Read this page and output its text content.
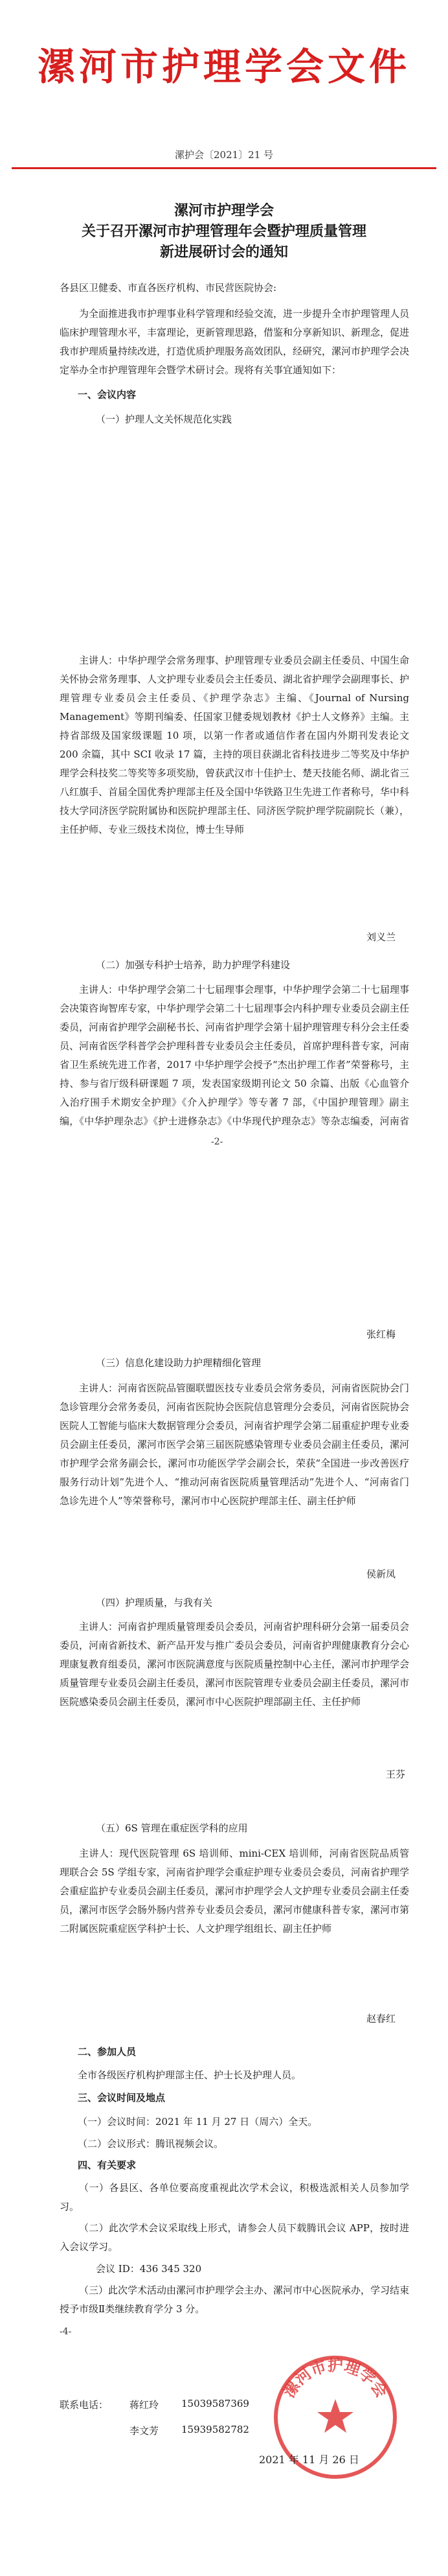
漯河市护理学会文件
漯护会〔2021〕21 号
漯河市护理学会
关于召开漯河市护理管理年会暨护理质量管理
新进展研讨会的通知
各县区卫健委、市直各医疗机构、市民营医院协会:
为全面推进我市护理事业科学管理和经验交流，进一步提升全市护理管理人员临床护理管理水平，丰富理论，更新管理思路，借鉴和分享新知识、新理念，促进我市护理质量持续改进，打造优质护理服务高效团队，经研究，漯河市护理学会决定举办全市护理管理年会暨学术研讨会。现将有关事宜通知如下：
一、会议内容
（一）护理人文关怀规范化实践
主讲人：中华护理学会常务理事、护理管理专业委员会副主任委员、中国生命关怀协会常务理事、人文护理专业委员会主任委员、湖北省护理学会副理事长、护理管理专业委员会主任委员、《护理学杂志》主编、《Journal of Nursing Management》等期刊编委、任国家卫健委规划教材《护士人文修养》主编。主持省部级及国家级课题 10 项，以第一作者或通信作者在国内外期刊发表论文 200 余篇，其中 SCI 收录 17 篇，主持的项目获湖北省科技进步二等奖及中华护理学会科技奖二等奖等多项奖励，曾获武汉市十佳护士、楚天技能名师、湖北省三八红旗手、首届全国优秀护理部主任及全国中华铁路卫生先进工作者称号，华中科技大学同济医学院附属协和医院护理部主任、同济医学院护理学院副院长（兼），主任护师、专业三级技术岗位，博士生导师
刘义兰
（二）加强专科护士培养，助力护理学科建设
主讲人：中华护理学会第二十七届理事会理事，中华护理学会第二十七届理事会决策咨询智库专家，中华护理学会第二十七届理事会内科护理专业委员会副主任委员，河南省护理学会副秘书长、河南省护理学会第十届护理管理专科分会主任委员、河南省医学科普学会护理科普专业委员会主任委员，首席护理科普专家，河南省卫生系统先进工作者，2017 中华护理学会授予“杰出护理工作者”荣誉称号，主持、参与省厅级科研课题 7 项，发表国家级期刊论文 50 余篇、出版《心血管介入治疗围手术期安全护理》《介入护理学》等专著 7 部，《中国护理管理》副主编，《中华护理杂志》《护士进修杂志》《中华现代护理杂志》等杂志编委，河南省
-2-
张红梅
（三）信息化建设助力护理精细化管理
主讲人：河南省医院品管圈联盟医技专业委员会常务委员，河南省医院协会门急诊管理分会常务委员，河南省医院协会医院信息管理分会委员，河南省医院协会医院人工智能与临床大数据管理分会委员，河南省护理学会第二届重症护理专业委员会副主任委员，漯河市医学会第三届医院感染管理专业委员会副主任委员，漯河市护理学会常务副会长，漯河市功能医学学会副会长，荣获“全国进一步改善医疗服务行动计划”先进个人、“推动河南省医院质量管理活动”先进个人、“河南省门急诊先进个人”等荣誉称号，漯河市中心医院护理部主任、副主任护师
侯新凤
（四）护理质量，与我有关
主讲人：河南省护理质量管理委员会委员，河南省护理科研分会第一届委员会委员，河南省新技术、新产品开发与推广委员会委员，河南省护理健康教育分会心理康复教育组委员，漯河市医院满意度与医院质量控制中心主任，漯河市护理学会质量管理专业委员会副主任委员，漯河市医院管理专业委员会副主任委员，漯河市医院感染委员会副主任委员，漯河市中心医院护理部副主任、主任护师
王芬
（五）6S 管理在重症医学科的应用
主讲人：现代医院管理 6S 培训师、mini-CEX 培训师，河南省医院品质管理联合会 5S 学组专家，河南省护理学会重症护理专业委员会委员，河南省护理学会重症监护专业委员会副主任委员，漯河市护理学会人文护理专业委员会副主任委员，漯河市医学会肠外肠内营养专业委员会委员，漯河市健康科普专家，漯河市第二附属医院重症医学科护士长、人文护理学组组长、副主任护师
赵春红
二、参加人员
全市各级医疗机构护理部主任、护士长及护理人员。
三、会议时间及地点
（一）会议时间：2021 年 11 月 27 日（周六）全天。
（二）会议形式：腾讯视频会议。
四、有关要求
（一）各县区、各单位要高度重视此次学术会议，积极选派相关人员参加学习。
（二）此次学术会议采取线上形式，请参会人员下载腾讯会议 APP，按时进入会议学习。
会议 ID：436 345 320
（三）此次学术活动由漯河市护理学会主办、漯河市中心医院承办，学习结束授予市级Ⅱ类继续教育学分 3 分。
-4-
联系电话： 蒋红玲 15039587369
李文芳 15939582782
漯河市护理学会
2021 年 11 月 26 日
